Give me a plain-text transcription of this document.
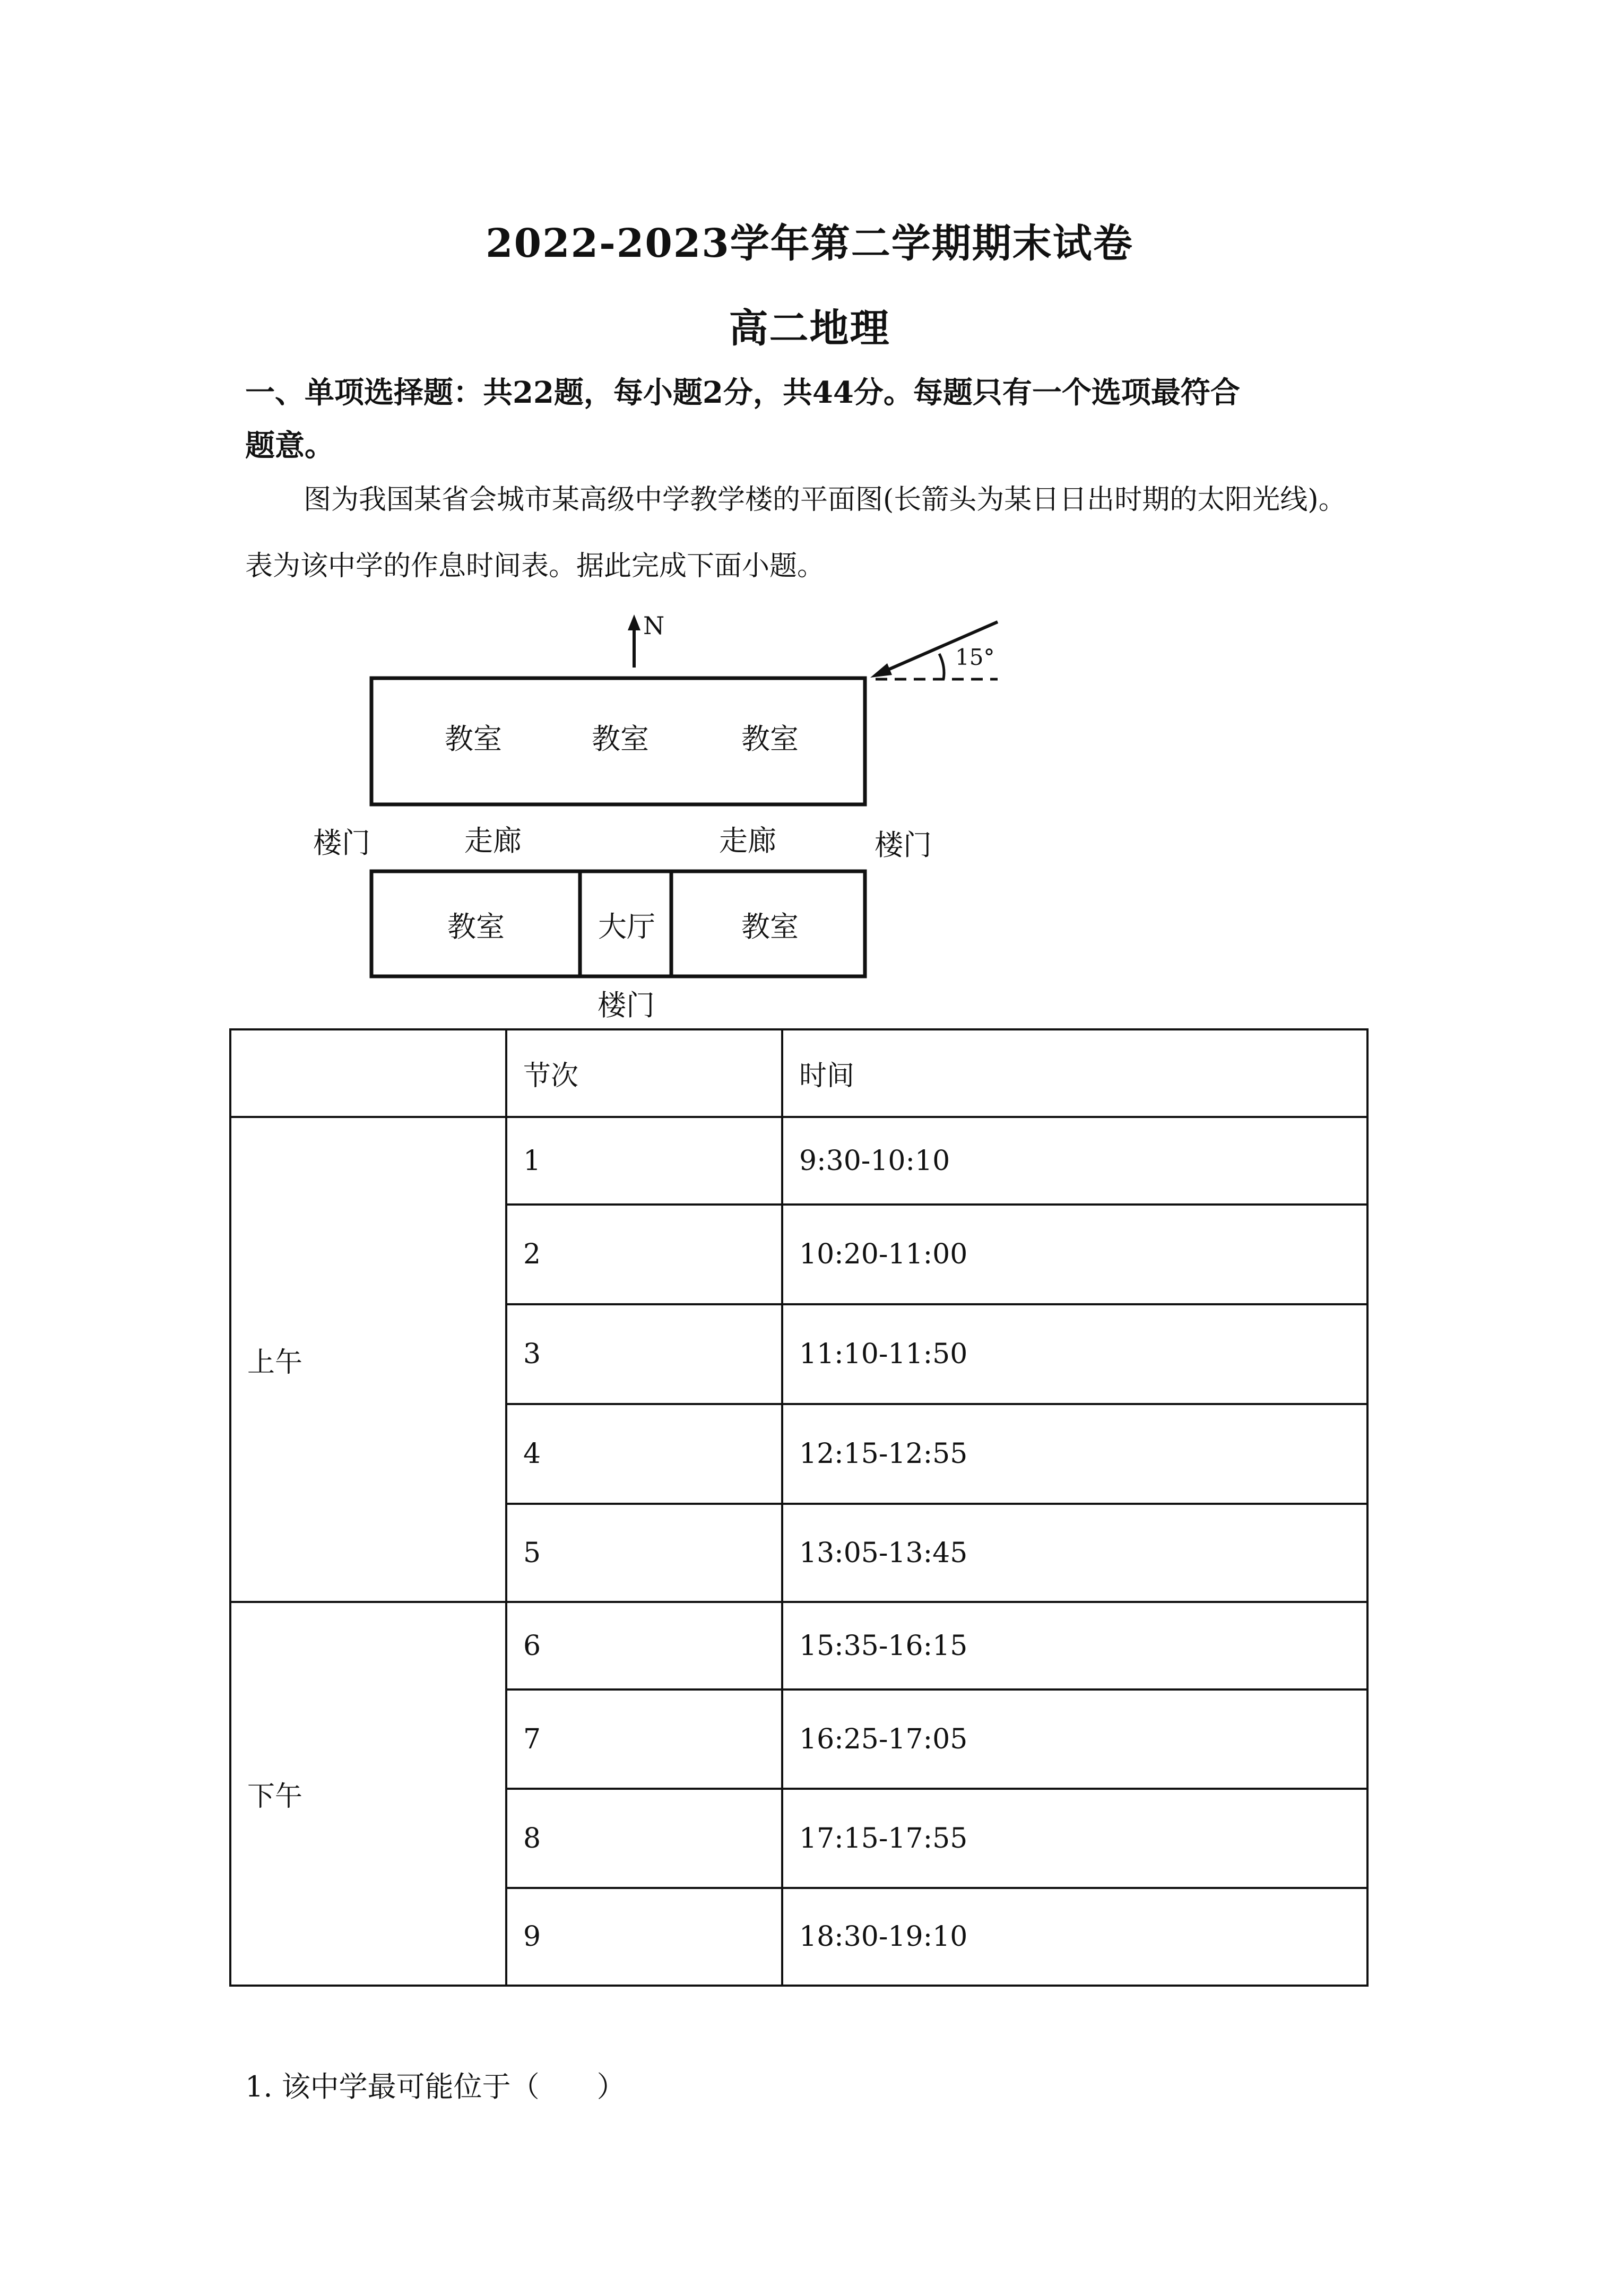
2022-2023学年第二学期期末试卷
高二地理
一、单项选择题：共22题，每小题2分，共44分。每题只有一个选项最符合
题意。

图为我国某省会城市某高级中学教学楼的平面图(长箭头为某日日出时期的太阳光线)。

表为该中学的作息时间表。据此完成下面小题。

N
15°
教室	教室	教室
走廊	走廊
楼门	楼门
教室	大厅	教室
楼门
	节次	时间
上午	1	9:30-10:10
	2	10:20-11:00
	3	11:10-11:50
	4	12:15-12:55
	5	13:05-13:45
下午	6	15:35-16:15
	7	16:25-17:05
	8	17:15-17:55
	9	18:30-19:10
1. 该中学最可能位于（　　）
